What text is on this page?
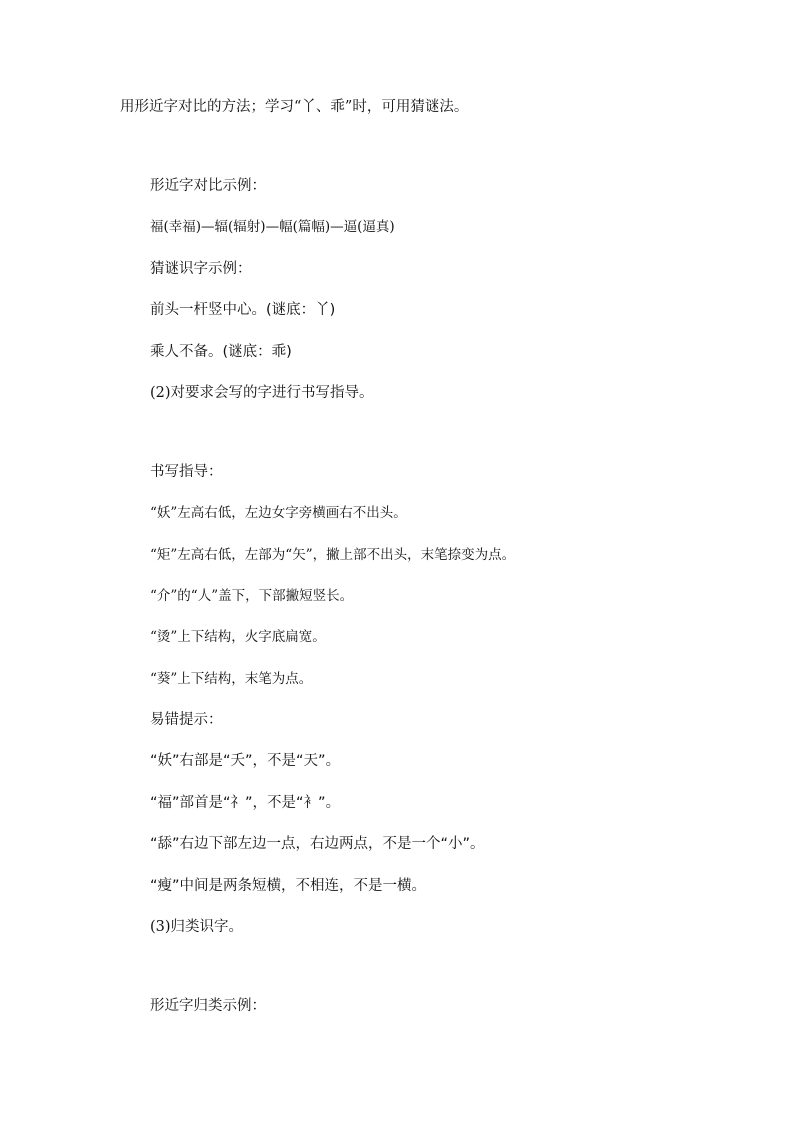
用形近字对比的方法；学习“丫、乖”时，可用猜谜法。
形近字对比示例：
福(幸福)—辐(辐射)—幅(篇幅)—逼(逼真)
猜谜识字示例：
前头一杆竖中心。(谜底：丫)
乘人不备。(谜底：乖)
(2)对要求会写的字进行书写指导。
书写指导：
“妖”左高右低，左边女字旁横画右不出头。
“矩”左高右低，左部为“矢”，撇上部不出头，末笔捺变为点。
“介”的“人”盖下，下部撇短竖长。
“烫”上下结构，火字底扁宽。
“葵”上下结构，末笔为点。
易错提示：
“妖”右部是“夭”，不是“天”。
“福”部首是“礻”，不是“衤”。
“舔”右边下部左边一点，右边两点，不是一个“小”。
“瘦”中间是两条短横，不相连，不是一横。
(3)归类识字。
形近字归类示例：
